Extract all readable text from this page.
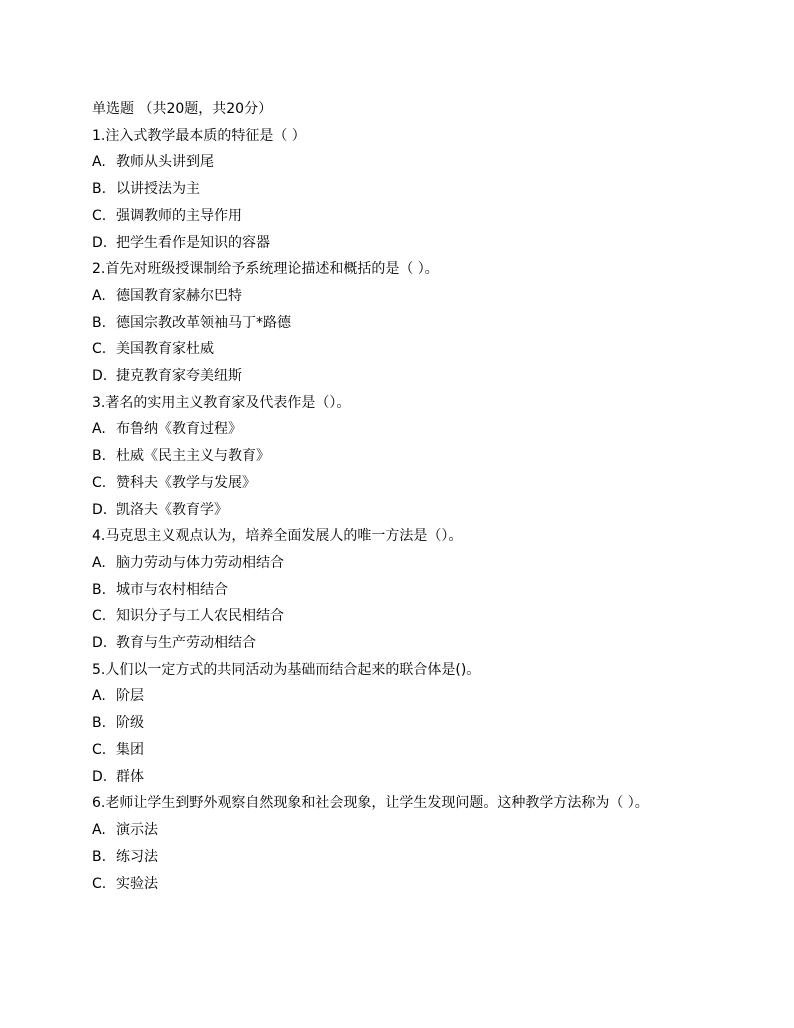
单选题 （共20题，共20分）
1.注入式教学最本质的特征是（ ）
A. 教师从头讲到尾
B. 以讲授法为主
C. 强调教师的主导作用
D. 把学生看作是知识的容器
2.首先对班级授课制给予系统理论描述和概括的是（ ）。
A. 德国教育家赫尔巴特
B. 德国宗教改革领袖马丁*路德
C. 美国教育家杜威
D. 捷克教育家夸美纽斯
3.著名的实用主义教育家及代表作是（）。
A. 布鲁纳《教育过程》
B. 杜威《民主主义与教育》
C. 赞科夫《教学与发展》
D. 凯洛夫《教育学》
4.马克思主义观点认为，培养全面发展人的唯一方法是（）。
A. 脑力劳动与体力劳动相结合
B. 城市与农村相结合
C. 知识分子与工人农民相结合
D. 教育与生产劳动相结合
5.人们以一定方式的共同活动为基础而结合起来的联合体是()。
A. 阶层
B. 阶级
C. 集团
D. 群体
6.老师让学生到野外观察自然现象和社会现象，让学生发现问题。这种教学方法称为（ ）。
A. 演示法
B. 练习法
C. 实验法
